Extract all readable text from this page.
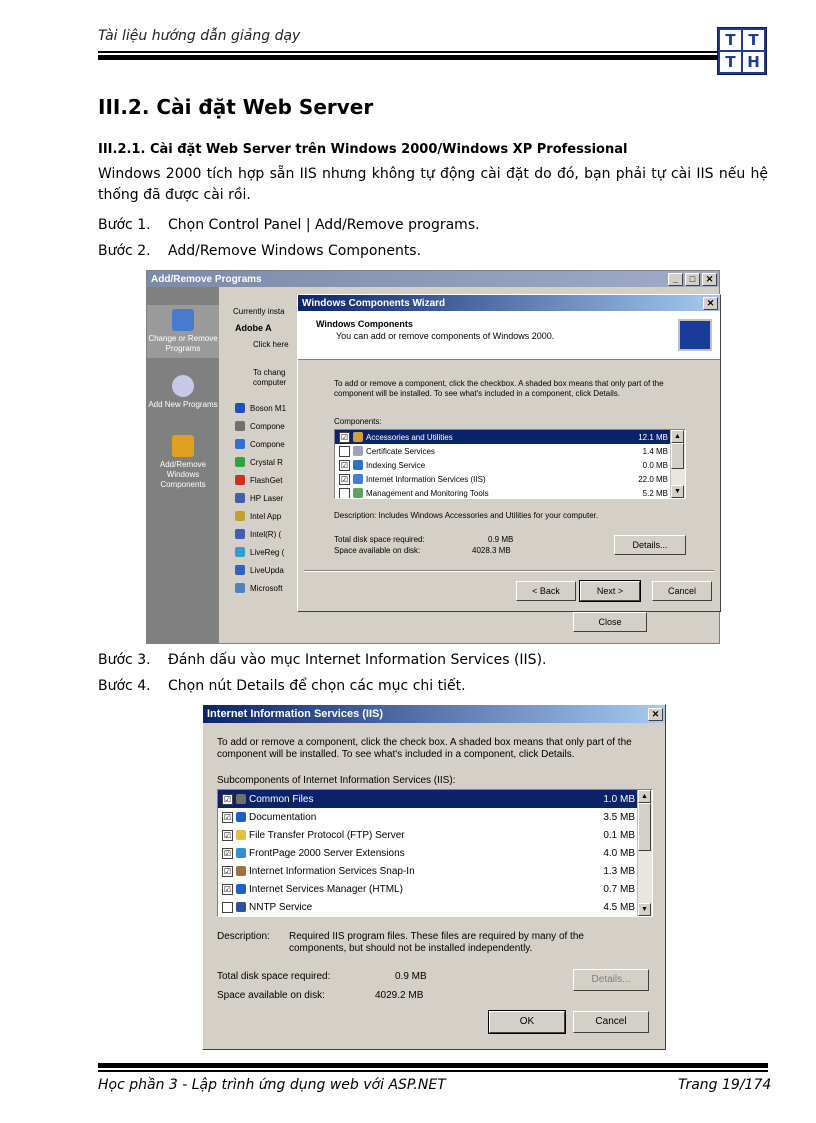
Tài liệu hướng dẫn giảng dạy	T T
T H
III.2. Cài đặt Web Server
III.2.1. Cài đặt Web Server trên Windows 2000/Windows XP Professional
Windows 2000 tích hợp sẵn IIS nhưng không tự động cài đặt do đó, bạn phải tự cài IIS nếu hệ thống đã được cài rồi.
Bước 1. Chọn Control Panel | Add/Remove programs.
Bước 2. Add/Remove Windows Components.
Add/Remove Programs	_ □ ✕
Change or Remove Programs
Add New Programs
Add/Remove Windows Components
Currently insta
Adobe A
Click here
To chang
computer
Boson M1
Compone
Compone
Crystal R
FlashGet
HP Laser
Intel App
Intel(R) (
LiveReg (
LiveUpda
Microsoft
Close
Windows Components Wizard	✕
Windows Components
You can add or remove components of Windows 2000.
To add or remove a component, click the checkbox. A shaded box means that only part of the component will be installed. To see what's included in a component, click Details.
Components:
☑ Accessories and Utilities	12.1 MB
Certificate Services	1.4 MB
☑ Indexing Service	0.0 MB
☑ Internet Information Services (IIS)	22.0 MB
Management and Monitoring Tools	5.2 MB
▲
▼
Description: Includes Windows Accessories and Utilities for your computer.
Total disk space required:	0.9 MB
Space available on disk:	4028.3 MB
Details...
< Back	Next >	Cancel
Bước 3. Đánh dấu vào mục Internet Information Services (IIS).
Bước 4. Chọn nút Details để chọn các mục chi tiết.
Internet Information Services (IIS)	✕
To add or remove a component, click the check box. A shaded box means that only part of the component will be installed. To see what's included in a component, click Details.
Subcomponents of Internet Information Services (IIS):
☑ Common Files	1.0 MB
☑ Documentation	3.5 MB
☑ File Transfer Protocol (FTP) Server	0.1 MB
☑ FrontPage 2000 Server Extensions	4.0 MB
☑ Internet Information Services Snap-In	1.3 MB
☑ Internet Services Manager (HTML)	0.7 MB
NNTP Service	4.5 MB
▲
▼
Description: Required IIS program files. These files are required by many of the components, but should not be installed independently.
Total disk space required:	0.9 MB
Space available on disk:	4029.2 MB
Details...
OK	Cancel
Học phần 3 - Lập trình ứng dụng web với ASP.NET	Trang 19/174
